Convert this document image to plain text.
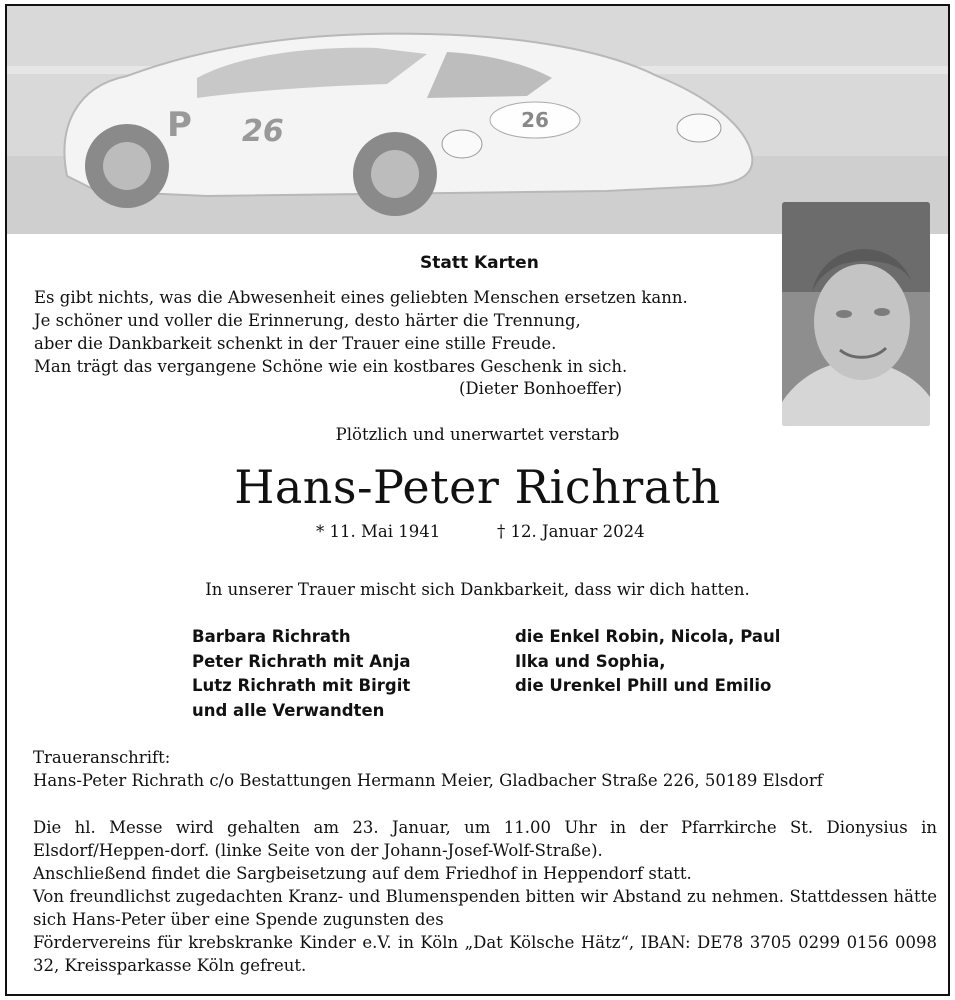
26
26
P
Statt Karten
Es gibt nichts, was die Abwesenheit eines geliebten Menschen ersetzen kann.
Je schöner und voller die Erinnerung, desto härter die Trennung,
aber die Dankbarkeit schenkt in der Trauer eine stille Freude.
Man trägt das vergangene Schöne wie ein kostbares Geschenk in sich.
(Dieter Bonhoeffer)
Plötzlich und unerwartet verstarb
Hans-Peter Richrath
* 11. Mai 1941	† 12. Januar 2024
In unserer Trauer mischt sich Dankbarkeit, dass wir dich hatten.
Barbara Richrath
Peter Richrath mit Anja
Lutz Richrath mit Birgit
und alle Verwandten
die Enkel Robin, Nicola, Paul
Ilka und Sophia,
die Urenkel Phill und Emilio
Traueranschrift:
Hans-Peter Richrath c/o Bestattungen Hermann Meier, Gladbacher Straße 226, 50189 Elsdorf

Die hl. Messe wird gehalten am 23. Januar, um 11.00 Uhr in der Pfarrkirche St. Dionysius in Elsdorf/Heppen-dorf. (linke Seite von der Johann-Josef-Wolf-Straße).

Anschließend findet die Sargbeisetzung auf dem Friedhof in Heppendorf statt.

Von freundlichst zugedachten Kranz- und Blumenspenden bitten wir Abstand zu nehmen. Stattdessen hätte sich Hans-Peter über eine Spende zugunsten des

Fördervereins für krebskranke Kinder e.V. in Köln „Dat Kölsche Hätz“, IBAN: DE78 3705 0299 0156 0098 32, Kreissparkasse Köln gefreut.
